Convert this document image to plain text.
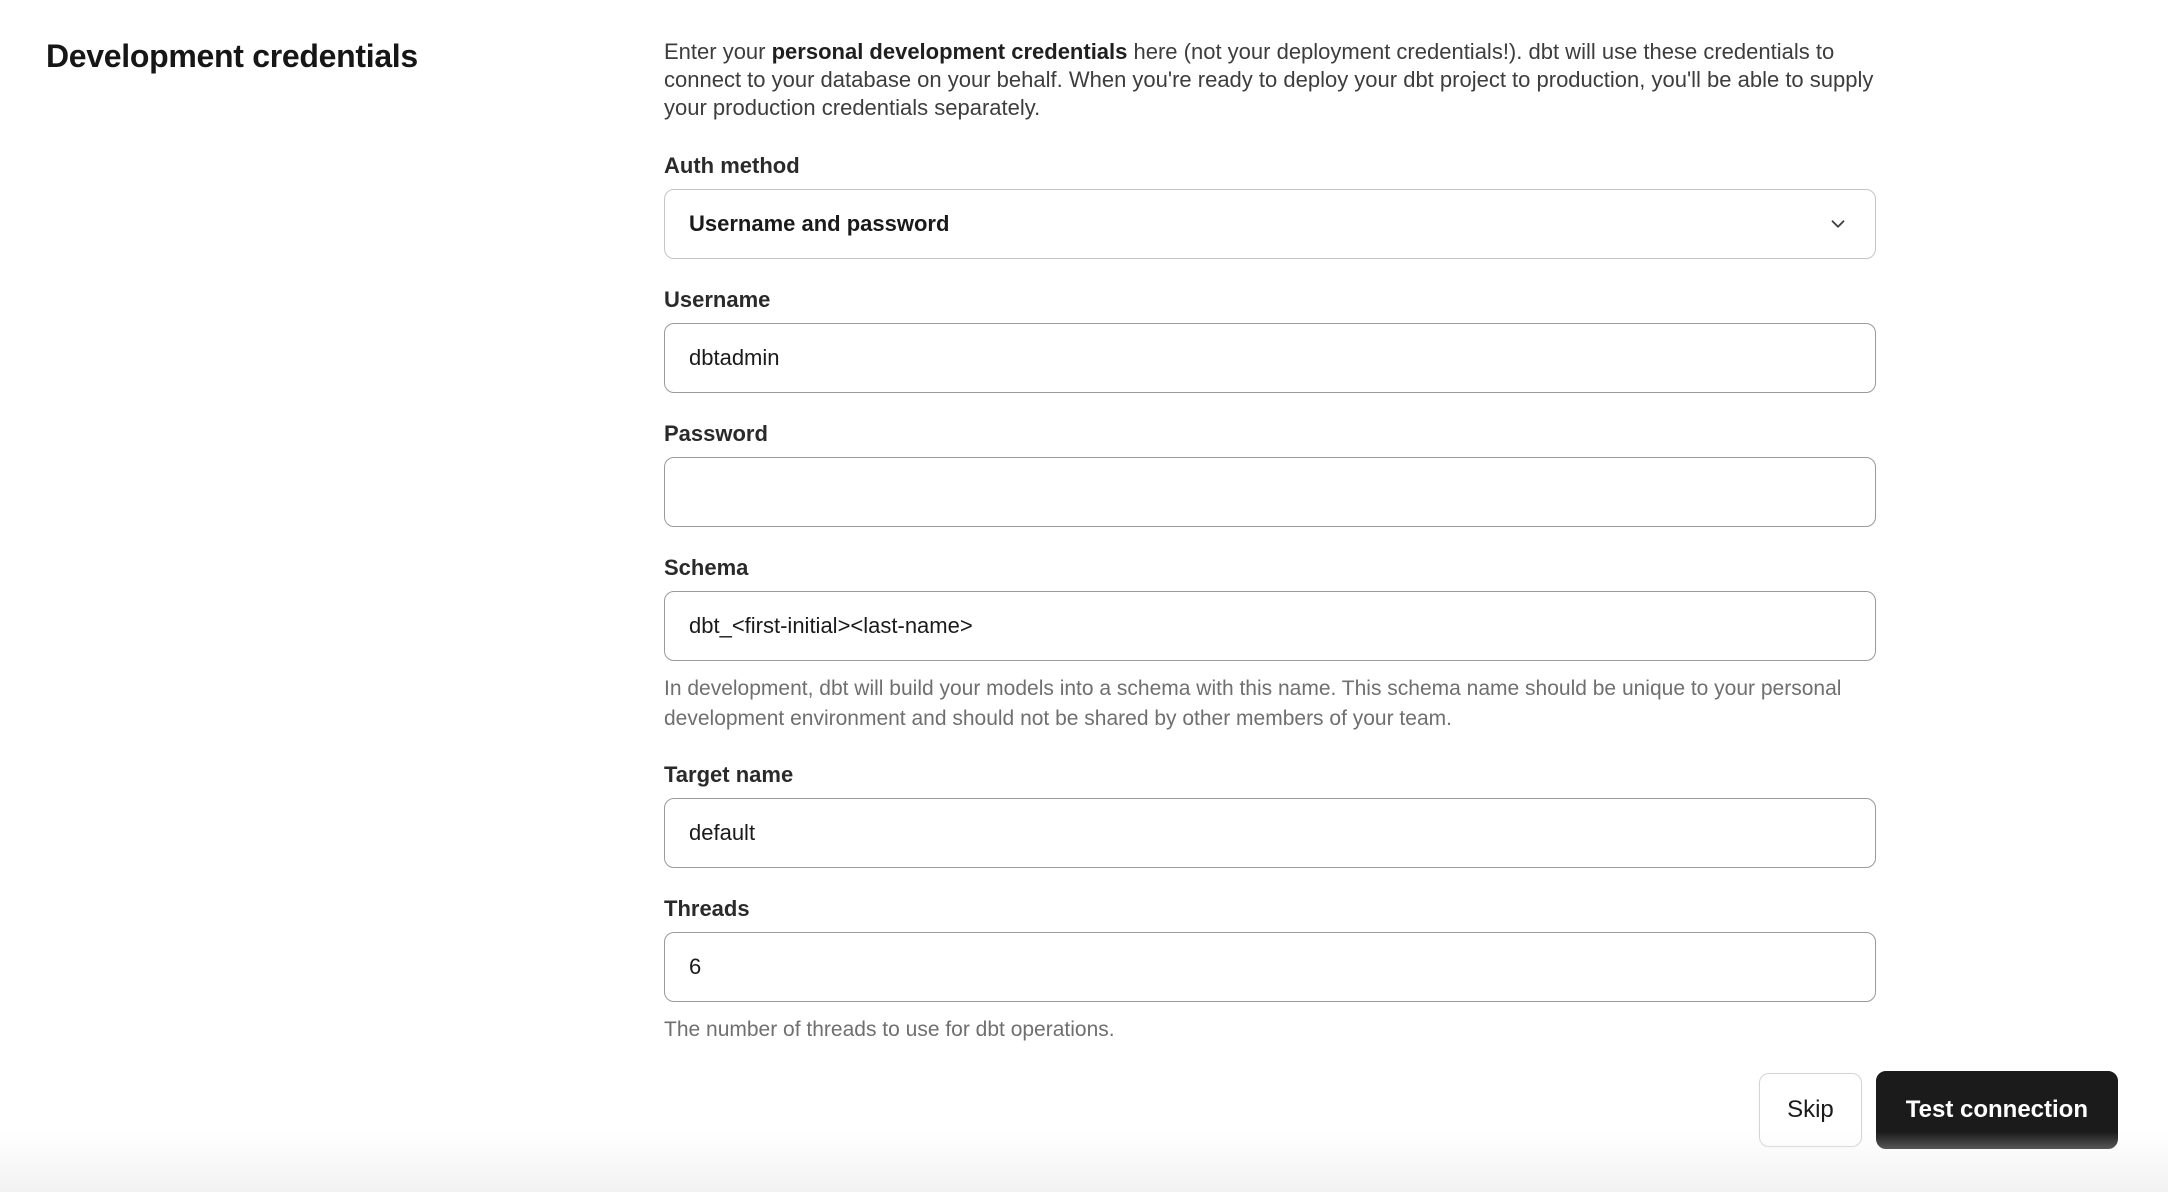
Development credentials	Enter your personal development credentials here (not your deployment credentials!). dbt will use these credentials to connect to your database on your behalf. When you're ready to deploy your dbt project to production, you'll be able to supply your production credentials separately.

Auth method
Username and password
Username
dbtadmin
Password
Schema
dbt_<first-initial><last-name>

In development, dbt will build your models into a schema with this name. This schema name should be unique to your personal development environment and should not be shared by other members of your team.

Target name
default
Threads
6

The number of threads to use for dbt operations.

Skip	Test connection
